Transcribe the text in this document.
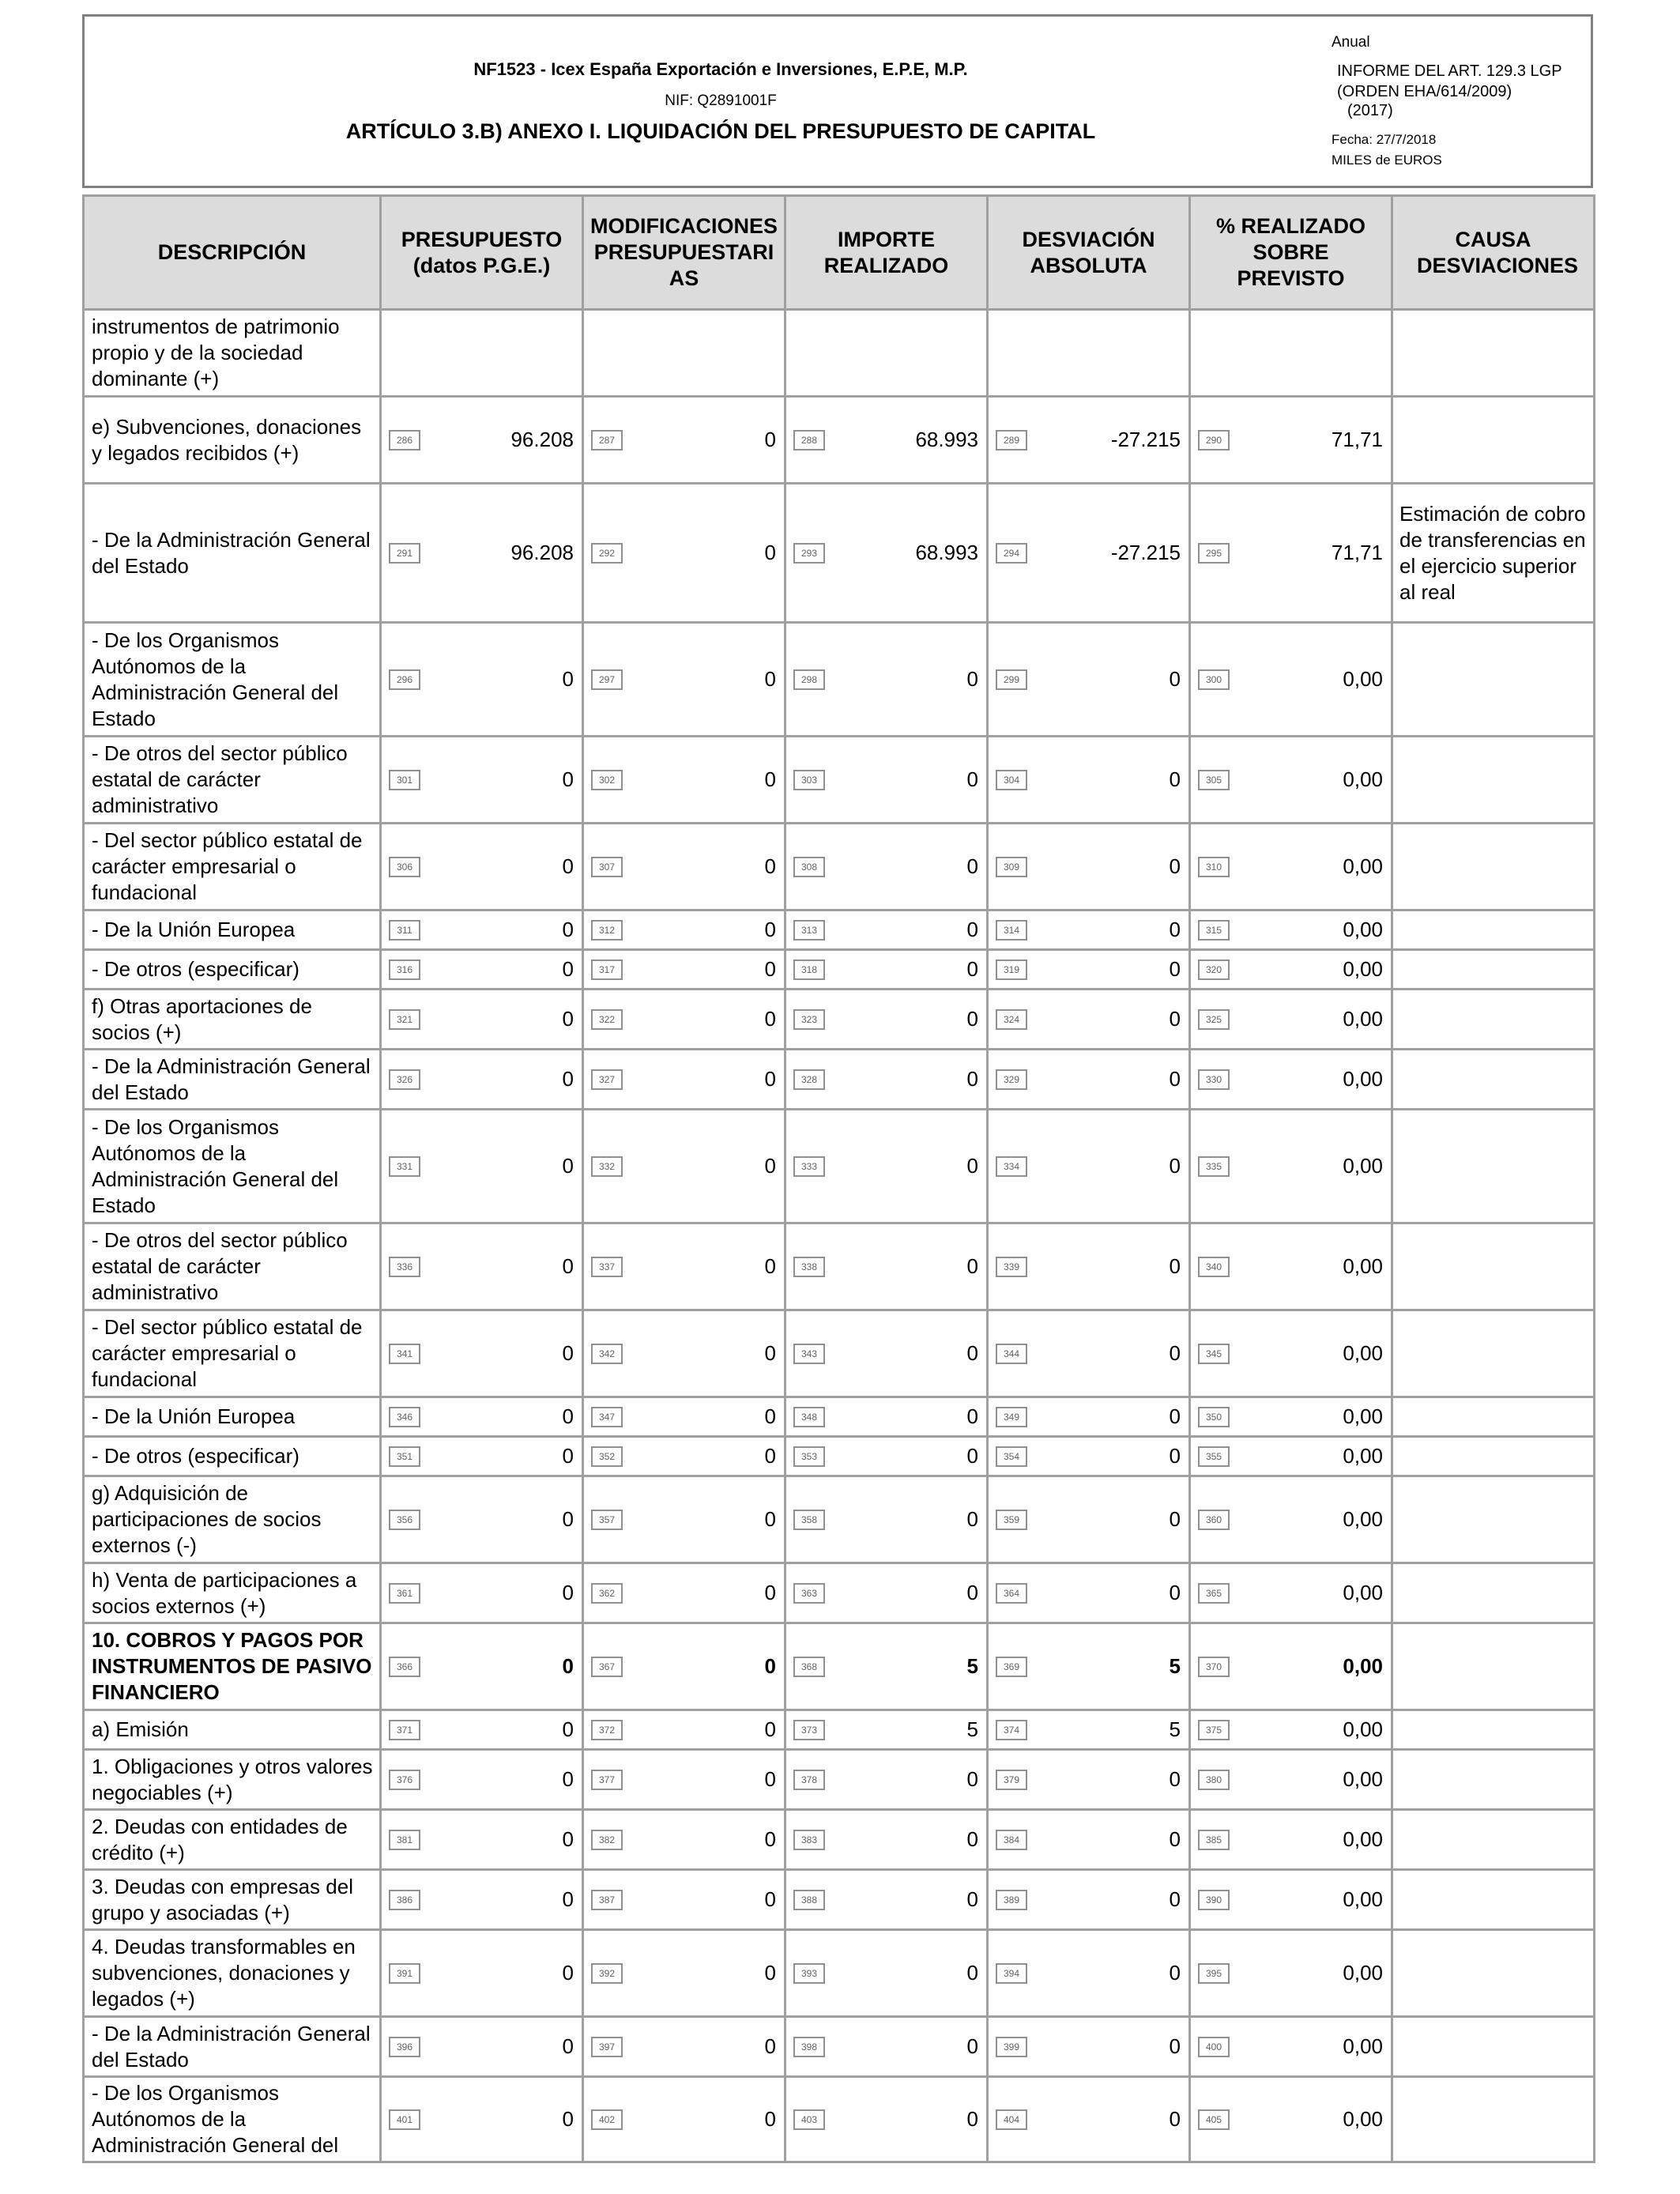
NF1523 - Icex España Exportación e Inversiones, E.P.E, M.P.
NIF: Q2891001F
ARTÍCULO 3.B) ANEXO I. LIQUIDACIÓN DEL PRESUPUESTO DE CAPITAL
Anual
INFORME DEL ART. 129.3 LGP
(ORDEN EHA/614/2009)
(2017)
Fecha: 27/7/2018
MILES de EUROS
DESCRIPCIÓN	PRESUPUESTO (datos P.G.E.)	MODIFICACIONES PRESUPUESTARIAS	IMPORTE REALIZADO	DESVIACIÓN ABSOLUTA	% REALIZADO SOBRE PREVISTO	CAUSA DESVIACIONES
instrumentos de patrimonio propio y de la sociedad dominante (+)						
e) Subvenciones, donaciones y legados recibidos (+)	286 96.208	287 0	288 68.993	289 -27.215	290 71,71	
- De la Administración General del Estado	291 96.208	292 0	293 68.993	294 -27.215	295 71,71	Estimación de cobro de transferencias en el ejercicio superior al real
- De los Organismos Autónomos de la Administración General del Estado	296 0	297 0	298 0	299 0	300 0,00	
- De otros del sector público estatal de carácter administrativo	301 0	302 0	303 0	304 0	305 0,00	
- Del sector público estatal de carácter empresarial o fundacional	306 0	307 0	308 0	309 0	310 0,00	
- De la Unión Europea	311 0	312 0	313 0	314 0	315 0,00	
- De otros (especificar)	316 0	317 0	318 0	319 0	320 0,00	
f) Otras aportaciones de socios (+)	321 0	322 0	323 0	324 0	325 0,00	
- De la Administración General del Estado	326 0	327 0	328 0	329 0	330 0,00	
- De los Organismos Autónomos de la Administración General del Estado	331 0	332 0	333 0	334 0	335 0,00	
- De otros del sector público estatal de carácter administrativo	336 0	337 0	338 0	339 0	340 0,00	
- Del sector público estatal de carácter empresarial o fundacional	341 0	342 0	343 0	344 0	345 0,00	
- De la Unión Europea	346 0	347 0	348 0	349 0	350 0,00	
- De otros (especificar)	351 0	352 0	353 0	354 0	355 0,00	
g) Adquisición de participaciones de socios externos (-)	356 0	357 0	358 0	359 0	360 0,00	
h) Venta de participaciones a socios externos (+)	361 0	362 0	363 0	364 0	365 0,00	
10. COBROS Y PAGOS POR INSTRUMENTOS DE PASIVO FINANCIERO	366 0	367 0	368 5	369 5	370 0,00	
a) Emisión	371 0	372 0	373 5	374 5	375 0,00	
1. Obligaciones y otros valores negociables (+)	376 0	377 0	378 0	379 0	380 0,00	
2. Deudas con entidades de crédito (+)	381 0	382 0	383 0	384 0	385 0,00	
3. Deudas con empresas del grupo y asociadas (+)	386 0	387 0	388 0	389 0	390 0,00	
4. Deudas transformables en subvenciones, donaciones y legados (+)	391 0	392 0	393 0	394 0	395 0,00	
- De la Administración General del Estado	396 0	397 0	398 0	399 0	400 0,00	
- De los Organismos Autónomos de la Administración General del	401 0	402 0	403 0	404 0	405 0,00	
